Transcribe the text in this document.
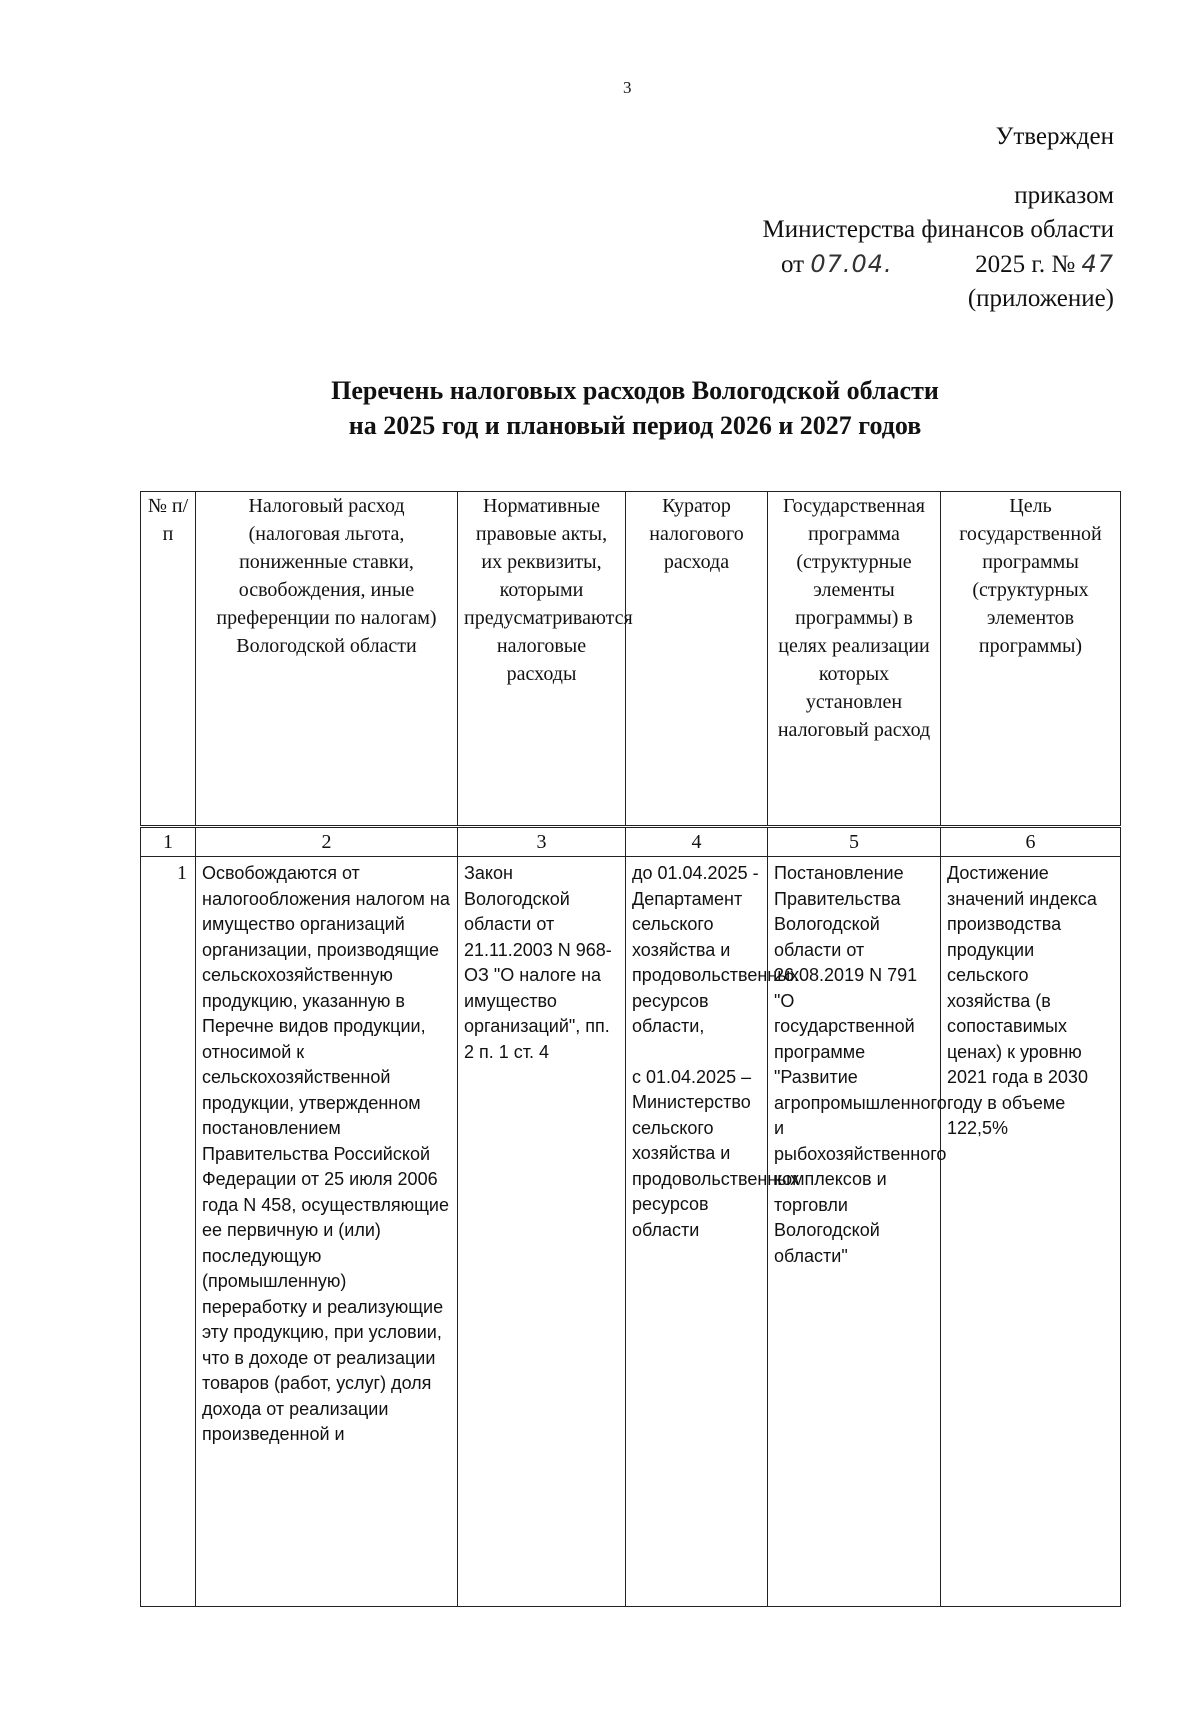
3
Утвержден
приказом
Министерства финансов области
от 07.04.	2025 г. № 47
(приложение)
Перечень налоговых расходов Вологодской области
на 2025 год и плановый период 2026 и 2027 годов
№ п/п	Налоговый расход (налоговая льгота, пониженные ставки, освобождения, иные преференции по налогам) Вологодской области	Нормативные правовые акты, их реквизиты, которыми предусматриваются налоговые расходы	Куратор налогового расхода	Государственная программа (структурные элементы программы) в целях реализации которых установлен налоговый расход	Цель государственной программы (структурных элементов программы)
1	2	3	4	5	6
1	Освобождаются от налогообложения налогом на имущество организаций организации, производящие сельскохозяйственную продукцию, указанную в Перечне видов продукции, относимой к сельскохозяйственной продукции, утвержденном постановлением Правительства Российской Федерации от 25 июля 2006 года N 458, осуществляющие ее первичную и (или) последующую (промышленную) переработку и реализующие эту продукцию, при условии, что в доходе от реализации товаров (работ, услуг) доля дохода от реализации произведенной и	Закон Вологодской области от 21.11.2003 N 968-ОЗ "О налоге на имущество организаций", пп. 2 п. 1 ст. 4	до 01.04.2025 - Департамент сельского хозяйства и продовольственных ресурсов области,

с 01.04.2025 – Министерство сельского хозяйства и продовольственных ресурсов области	Постановление Правительства Вологодской области от 26.08.2019 N 791 "О государственной программе "Развитие агропромышленного и рыбохозяйственного комплексов и торговли Вологодской области"	Достижение значений индекса производства продукции сельского хозяйства (в сопоставимых ценах) к уровню 2021 года в 2030 году в объеме 122,5%
